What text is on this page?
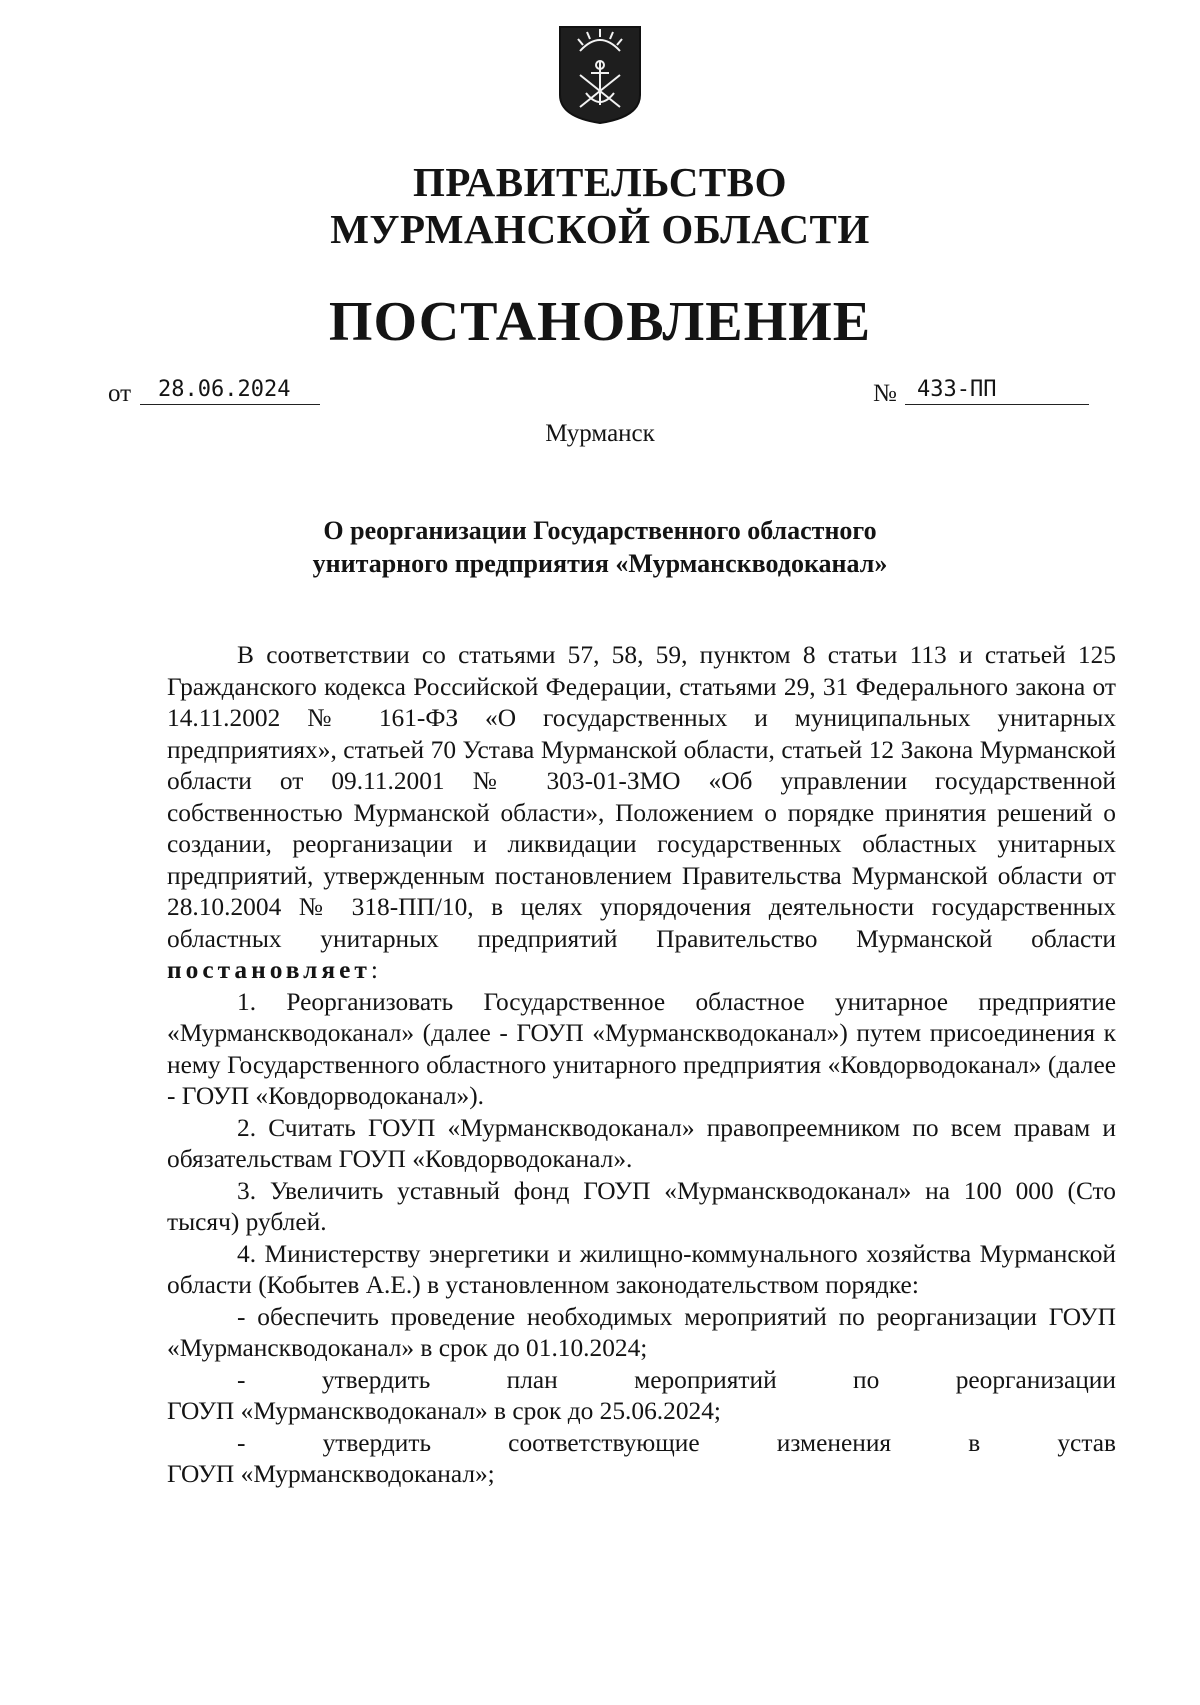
ПРАВИТЕЛЬСТВО
МУРМАНСКОЙ ОБЛАСТИ
ПОСТАНОВЛЕНИЕ
от	28.06.2024	№ 433-ПП
Мурманск
О реорганизации Государственного областного
унитарного предприятия «Мурманскводоканал»

В соответствии со статьями 57, 58, 59, пунктом 8 статьи 113 и статьей 125 Гражданского кодекса Российской Федерации, статьями 29, 31 Федерального закона от 14.11.2002 № 161-ФЗ «О государственных и муниципальных унитарных предприятиях», статьей 70 Устава Мурманской области, статьей 12 Закона Мурманской области от 09.11.2001 № 303-01-ЗМО «Об управлении государственной собственностью Мурманской области», Положением о порядке принятия решений о создании, реорганизации и ликвидации государственных областных унитарных предприятий, утвержденным постановлением Правительства Мурманской области от 28.10.2004 № 318-ПП/10, в целях упорядочения деятельности государственных областных унитарных предприятий Правительство Мурманской области постановляет:

1. Реорганизовать Государственное областное унитарное предприятие «Мурманскводоканал» (далее - ГОУП «Мурманскводоканал») путем присоединения к нему Государственного областного унитарного предприятия «Ковдорводоканал» (далее - ГОУП «Ковдорводоканал»).

2. Считать ГОУП «Мурманскводоканал» правопреемником по всем правам и обязательствам ГОУП «Ковдорводоканал».

3. Увеличить уставный фонд ГОУП «Мурманскводоканал» на 100 000 (Сто тысяч) рублей.

4. Министерству энергетики и жилищно-коммунального хозяйства Мурманской области (Кобытев А.Е.) в установленном законодательством порядке:

- обеспечить проведение необходимых мероприятий по реорганизации ГОУП «Мурманскводоканал» в срок до 01.10.2024;

-	утвердить	план	мероприятий	по	реорганизации
ГОУП «Мурманскводоканал» в срок до 25.06.2024;
-	утвердить	соответствующие	изменения	в	устав
ГОУП «Мурманскводоканал»;
